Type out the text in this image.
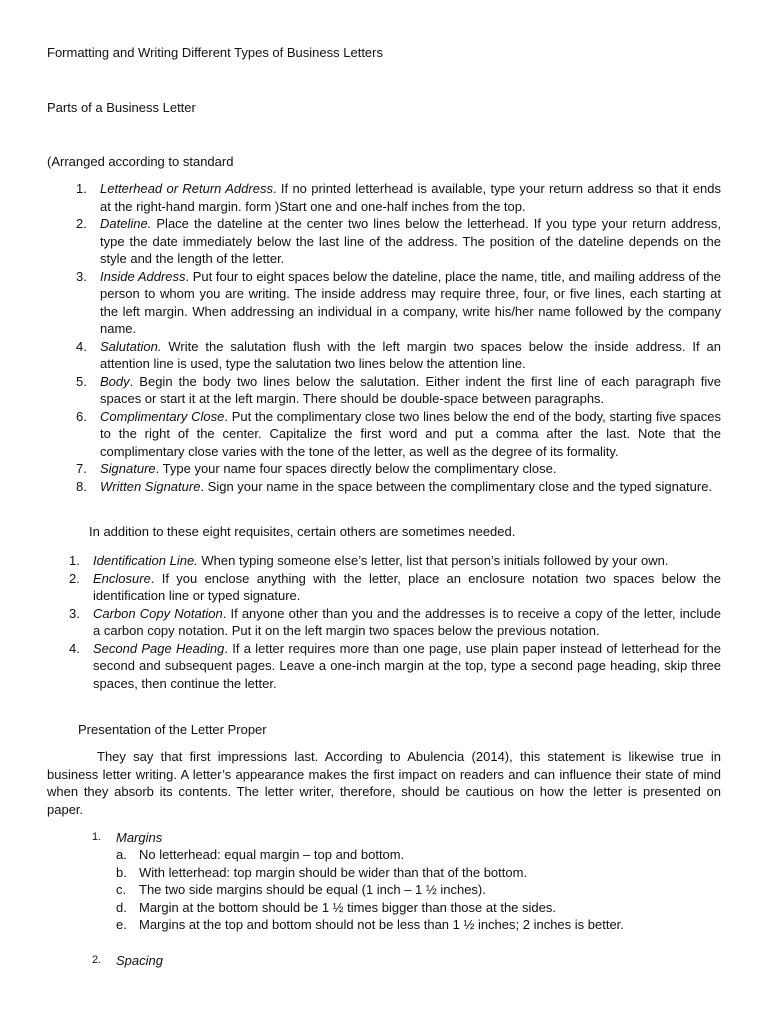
Formatting and Writing Different Types of Business Letters
Parts of a Business Letter
(Arranged according to standard
1. Letterhead or Return Address. If no printed letterhead is available, type your return address so that it ends at the right-hand margin. form )Start one and one-half inches from the top.
2. Dateline. Place the dateline at the center two lines below the letterhead. If you type your return address, type the date immediately below the last line of the address. The position of the dateline depends on the style and the length of the letter.
3. Inside Address. Put four to eight spaces below the dateline, place the name, title, and mailing address of the person to whom you are writing. The inside address may require three, four, or five lines, each starting at the left margin. When addressing an individual in a company, write his/her name followed by the company name.
4. Salutation. Write the salutation flush with the left margin two spaces below the inside address. If an attention line is used, type the salutation two lines below the attention line.
5. Body. Begin the body two lines below the salutation. Either indent the first line of each paragraph five spaces or start it at the left margin. There should be double-space between paragraphs.
6. Complimentary Close. Put the complimentary close two lines below the end of the body, starting five spaces to the right of the center. Capitalize the first word and put a comma after the last. Note that the complimentary close varies with the tone of the letter, as well as the degree of its formality.
7. Signature. Type your name four spaces directly below the complimentary close.
8. Written Signature. Sign your name in the space between the complimentary close and the typed signature.
In addition to these eight requisites, certain others are sometimes needed.
1. Identification Line. When typing someone else’s letter, list that person’s initials followed by your own.
2. Enclosure. If you enclose anything with the letter, place an enclosure notation two spaces below the identification line or typed signature.
3. Carbon Copy Notation. If anyone other than you and the addresses is to receive a copy of the letter, include a carbon copy notation. Put it on the left margin two spaces below the previous notation.
4. Second Page Heading. If a letter requires more than one page, use plain paper instead of letterhead for the second and subsequent pages. Leave a one-inch margin at the top, type a second page heading, skip three spaces, then continue the letter.
Presentation of the Letter Proper
They say that first impressions last. According to Abulencia (2014), this statement is likewise true in business letter writing. A letter’s appearance makes the first impact on readers and can influence their state of mind when they absorb its contents. The letter writer, therefore, should be cautious on how the letter is presented on paper.
1. Margins
a. No letterhead: equal margin – top and bottom.
b. With letterhead: top margin should be wider than that of the bottom.
c. The two side margins should be equal (1 inch – 1 ½ inches).
d. Margin at the bottom should be 1 ½ times bigger than those at the sides.
e. Margins at the top and bottom should not be less than 1 ½ inches; 2 inches is better.
2. Spacing
